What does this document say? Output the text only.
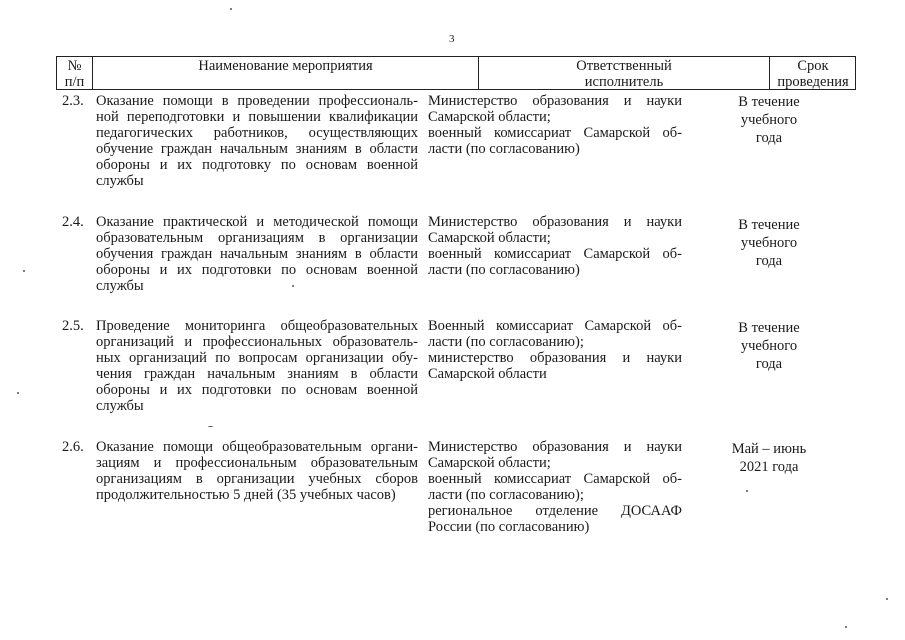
3
№
п/п
Наименование мероприятия	Ответственный
исполнитель
Срок
проведения
2.3. Оказание помощи в проведении профессиональ-
ной переподготовки и повышении квалификации
педагогических работников, осуществляющих
обучение граждан начальным знаниям в области
обороны и их подготовку по основам военной
службы
Министерство образования и науки
Самарской области;
военный комиссариат Самарской об-
ласти (по согласованию)
В течение
учебного
года
2.4. Оказание практической и методической помощи
образовательным организациям в организации
обучения граждан начальным знаниям в области
обороны и их подготовки по основам военной
службы
Министерство образования и науки
Самарской области;
военный комиссариат Самарской об-
ласти (по согласованию)
В течение
учебного
года
2.5. Проведение мониторинга общеобразовательных
организаций и профессиональных образователь-
ных организаций по вопросам организации обу-
чения граждан начальным знаниям в области
обороны и их подготовки по основам военной
службы
Военный комиссариат Самарской об-
ласти (по согласованию);
министерство образования и науки
Самарской области
В течение
учебного
года
2.6. Оказание помощи общеобразовательным органи-
зациям и профессиональным образовательным
организациям в организации учебных сборов
продолжительностью 5 дней (35 учебных часов)
Министерство образования и науки
Самарской области;
военный комиссариат Самарской об-
ласти (по согласованию);
региональное отделение ДОСААФ
России (по согласованию)
Май – июнь
2021 года
